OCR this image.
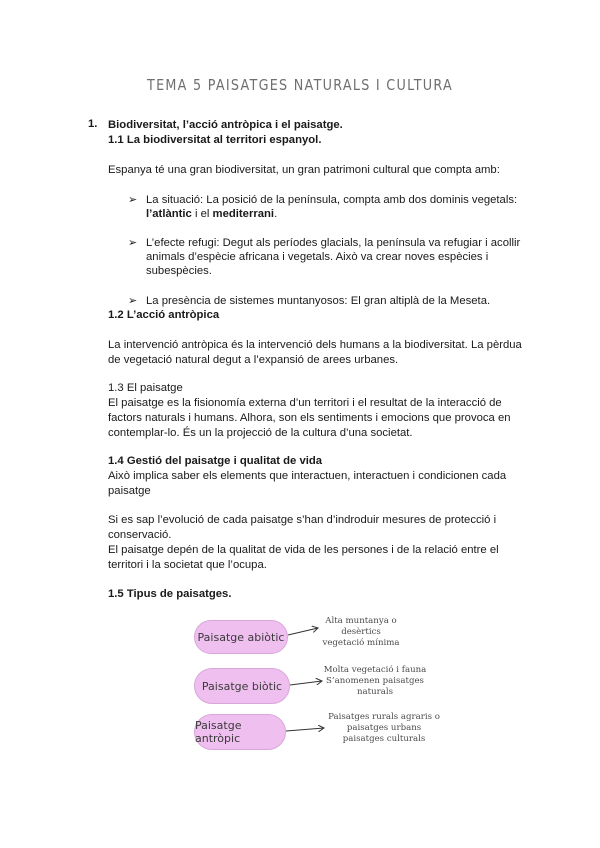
TEMA 5 PAISATGES NATURALS I CULTURA
1. Biodiversitat, l’acció antròpica i el paisatge.
1.1 La biodiversitat al territori espanyol.
Espanya té una gran biodiversitat, un gran patrimoni cultural que compta amb:
➢ La situació: La posició de la península, compta amb dos dominis vegetals:
l’atlàntic i el mediterrani.
➢ L’efecte refugi: Degut als períodes glacials, la península va refugiar i acollir
animals d’espècie africana i vegetals. Això va crear noves espècies i
subespècies.
➢ La presència de sistemes muntanyosos: El gran altiplà de la Meseta.
1.2 L’acció antròpica
La intervenció antròpica és la intervenció dels humans a la biodiversitat. La pèrdua
de vegetació natural degut a l’expansió de arees urbanes.
1.3 El paisatge
El paisatge es la fisionomía externa d’un territori i el resultat de la interacció de
factors naturals i humans. Alhora, son els sentiments i emocions que provoca en
contemplar-lo. És un la projecció de la cultura d’una societat.
1.4 Gestió del paisatge i qualitat de vida
Això implica saber els elements que interactuen, interactuen i condicionen cada
paisatge
Si es sap l’evolució de cada paisatge s’han d’indroduir mesures de protecció i
conservació.
El paisatge depén de la qualitat de vida de les persones i de la relació entre el
territori i la societat que l’ocupa.
1.5 Tipus de paisatges.
Paisatge abiòtic
Paisatge biòtic
Paisatge antròpic
Alta muntanya o
desèrtics
vegetació mínima
Molta vegetació i fauna
S’anomenen paisatges
naturals
Paisatges rurals agraris o
paisatges urbans
paisatges culturals
